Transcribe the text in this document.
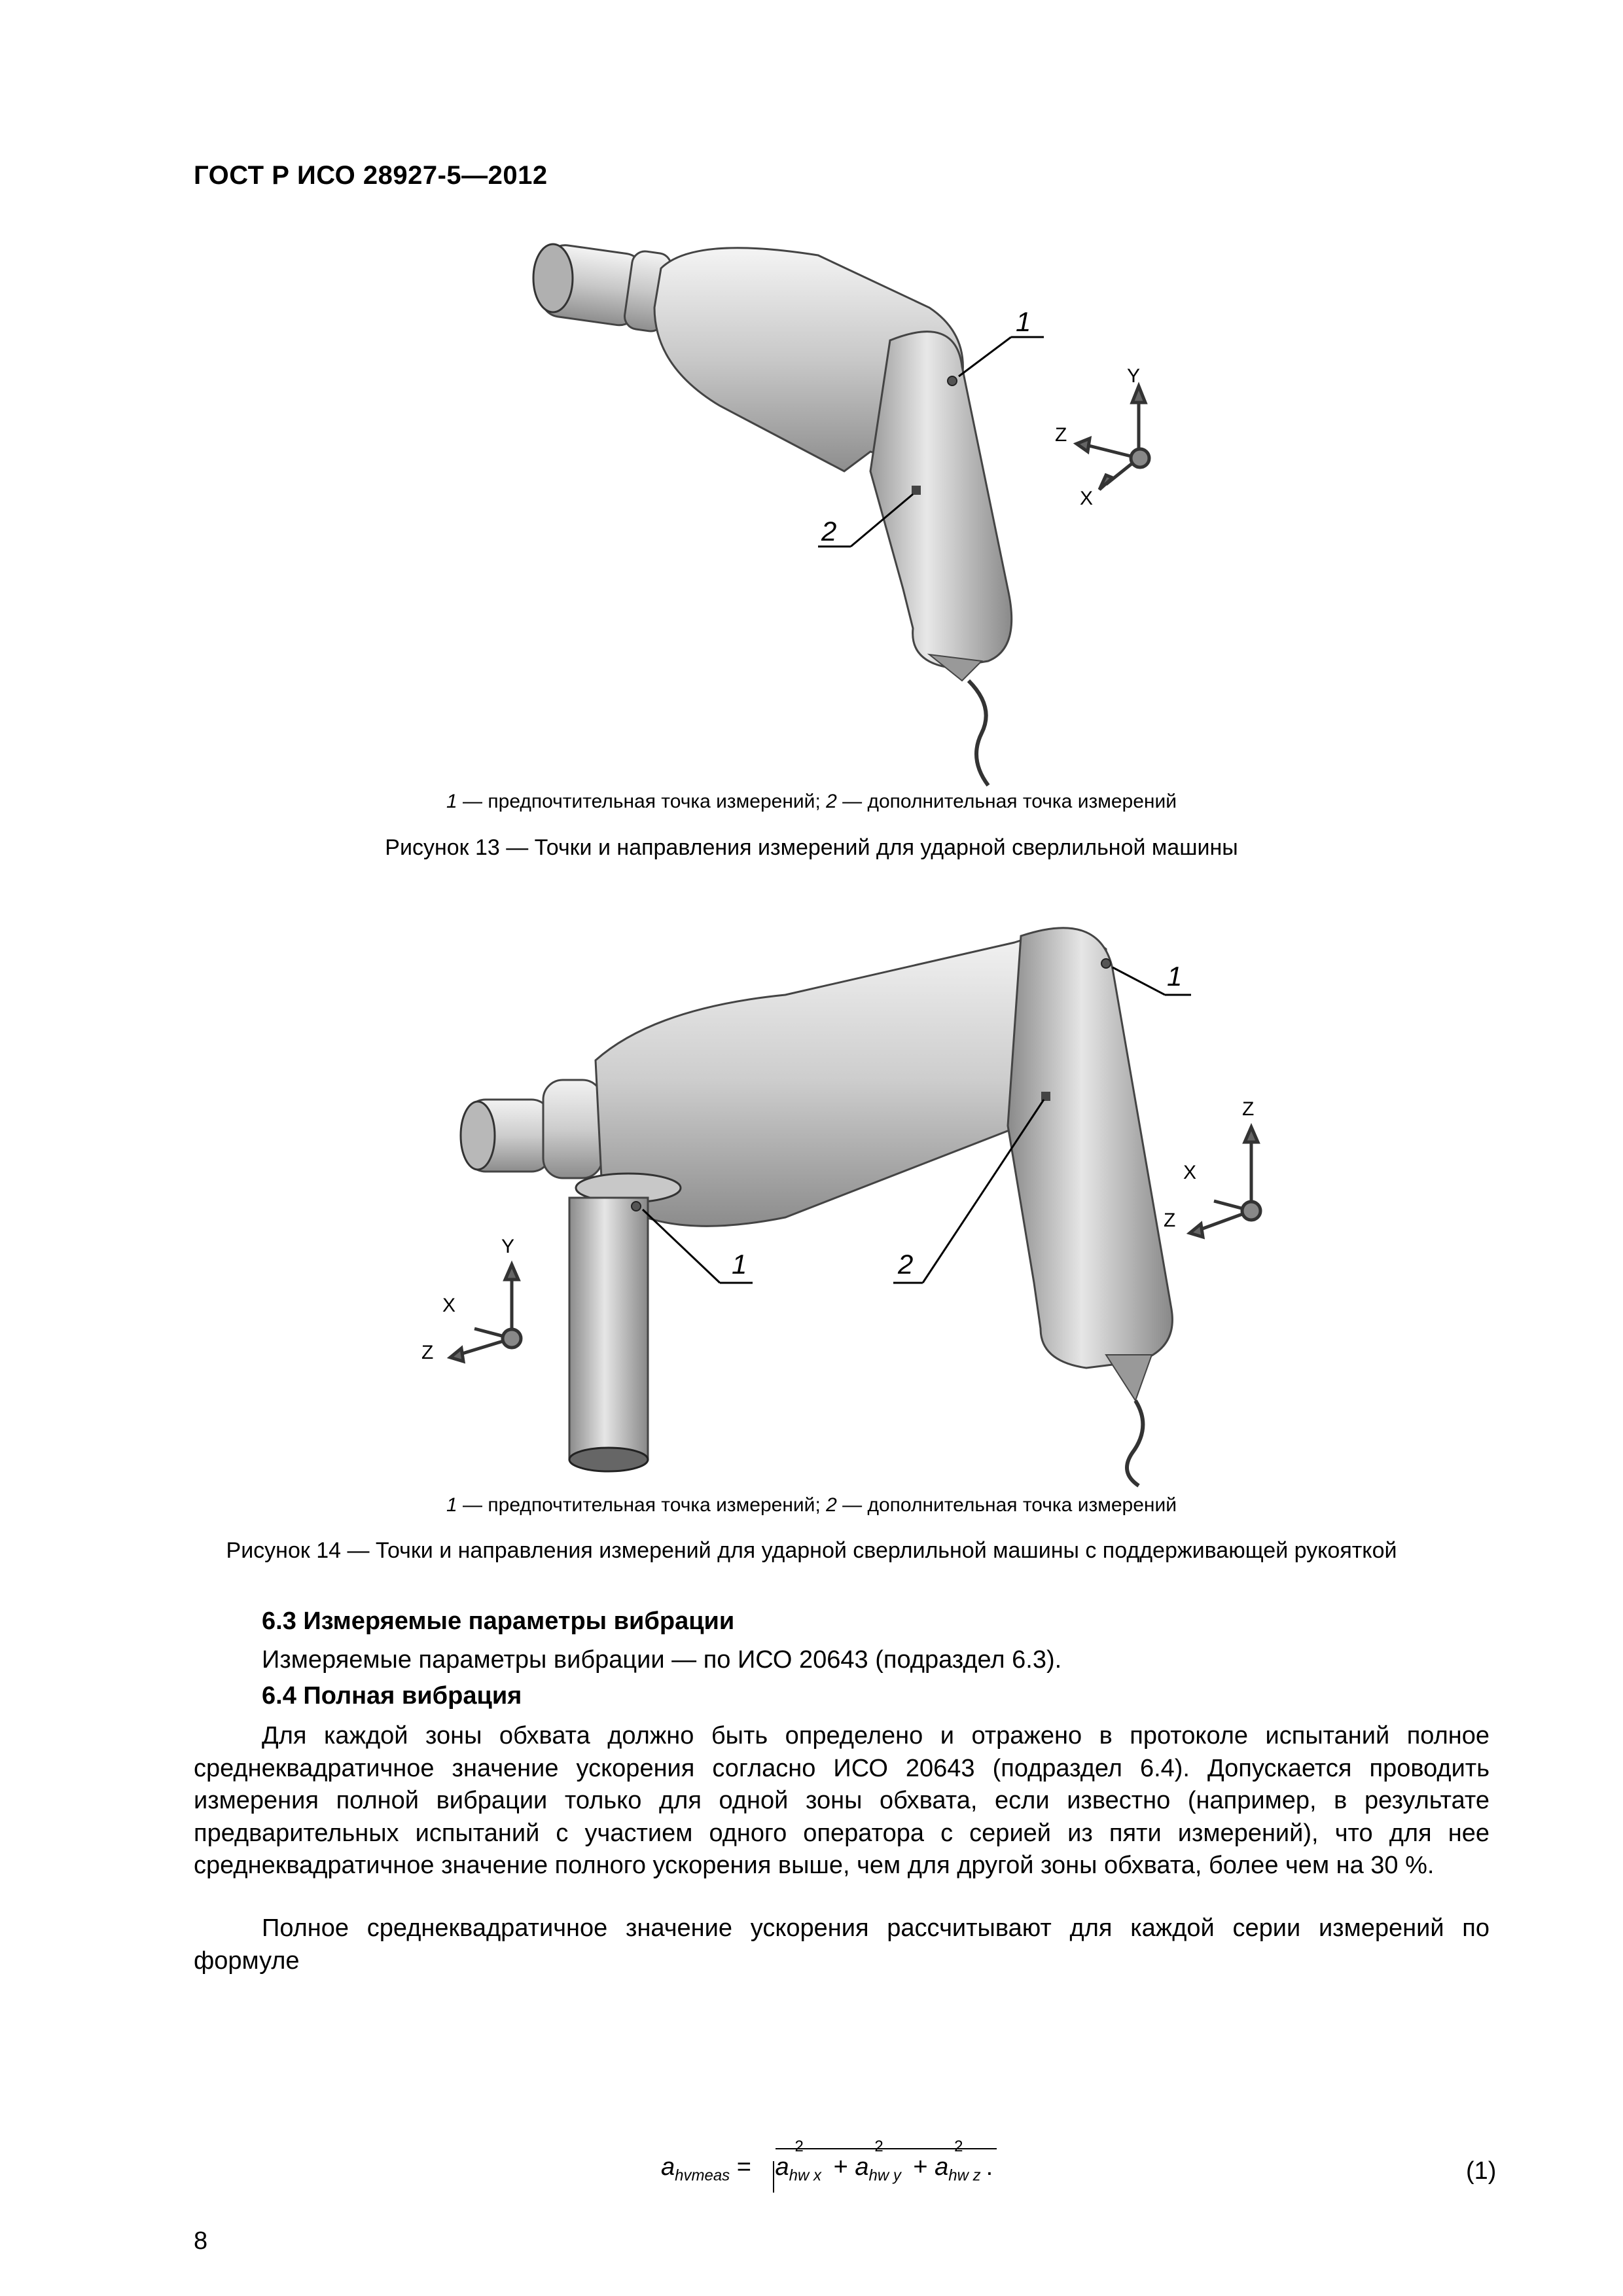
ГОСТ Р ИСО 28927-5—2012
1
2
Y
Z
X
1 — предпочтительная точка измерений; 2 — дополнительная точка измерений
Рисунок 13 — Точки и направления измерений для ударной сверлильной машины
1
1	2
Z
X
Z
Y
X
Z
1 — предпочтительная точка измерений; 2 — дополнительная точка измерений
Рисунок 14 — Точки и направления измерений для ударной сверлильной машины с поддерживающей рукояткой
6.3 Измеряемые параметры вибрации
Измеряемые параметры вибрации — по ИСО 20643 (подраздел 6.3).
6.4 Полная вибрация
Для каждой зоны обхвата должно быть определено и отражено в протоколе испытаний полное среднеквадратичное значение ускорения согласно ИСО 20643 (подраздел 6.4). Допускается проводить измерения полной вибрации только для одной зоны обхвата, если известно (например, в результате предварительных испытаний с участием одного оператора с серией из пяти измерений), что для нее среднеквадратичное значение полного ускорения выше, чем для другой зоны обхвата, более чем на 30 %.
Полное среднеквадратичное значение ускорения рассчитывают для каждой серии измерений по формуле
$a_{hvmeas} = a$
2
$_{hw x}$ + a
2
$_{hw y}$ + a
2
$_{hw z}$ .	(1)
8
